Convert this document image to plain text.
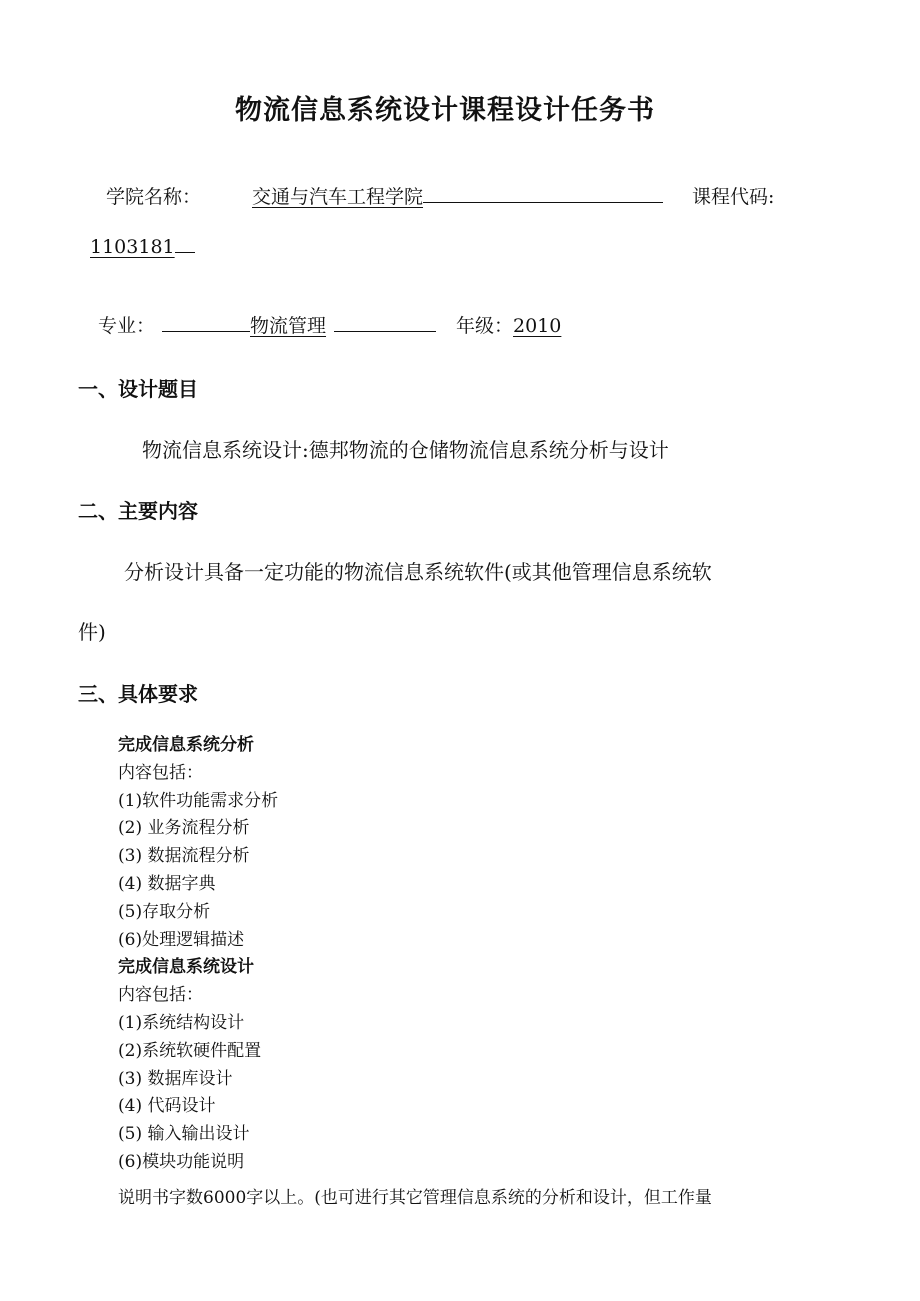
物流信息系统设计课程设计任务书
学院名称：	交通与汽车工程学院	课程代码:
1103181
专业：	物流管理	年级：2010
一、设计题目
物流信息系统设计:德邦物流的仓储物流信息系统分析与设计
二、主要内容
分析设计具备一定功能的物流信息系统软件(或其他管理信息系统软
件)
三、具体要求
完成信息系统分析
内容包括：
(1)软件功能需求分析
(2) 业务流程分析
(3) 数据流程分析
(4) 数据字典
(5)存取分析
(6)处理逻辑描述
完成信息系统设计
内容包括：
(1)系统结构设计
(2)系统软硬件配置
(3) 数据库设计
(4) 代码设计
(5) 输入输出设计
(6)模块功能说明
说明书字数6000字以上。(也可进行其它管理信息系统的分析和设计，但工作量
